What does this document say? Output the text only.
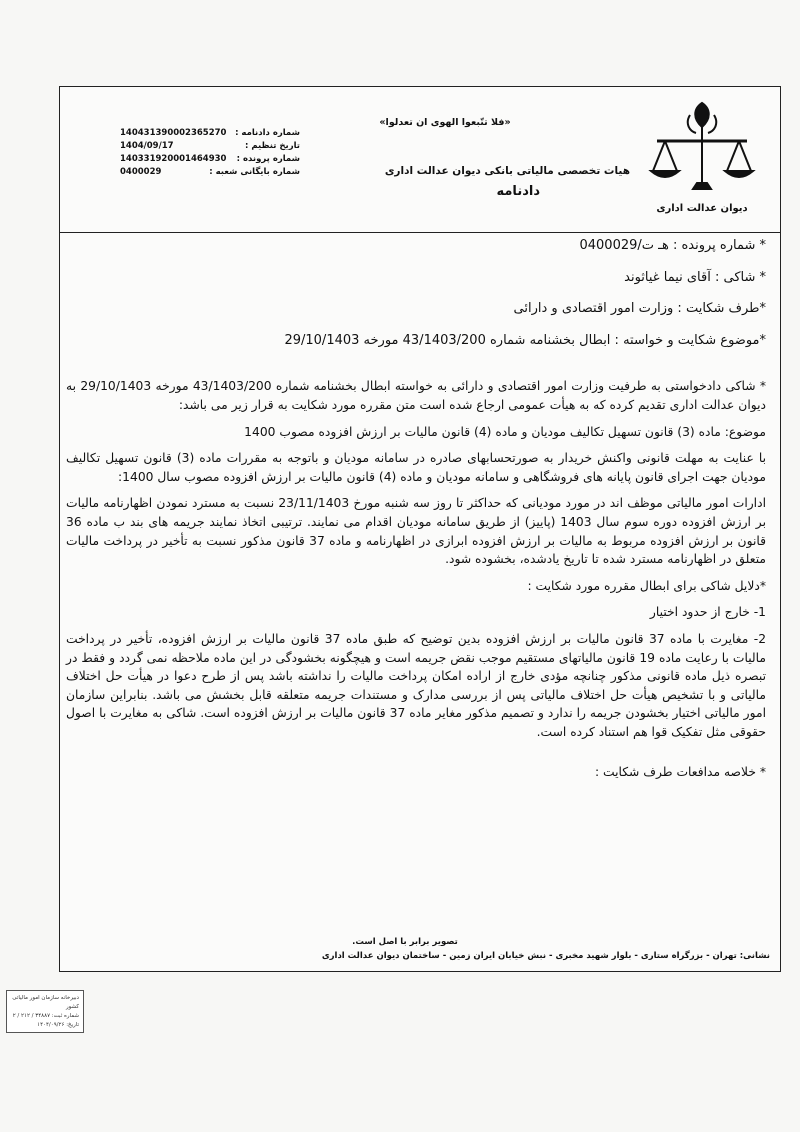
دیوان عدالت اداری
«فلا تتّبعوا الهوی ان تعدلوا»
هیات تخصصی مالیاتی بانکی دیوان عدالت اداری
دادنامه
شماره دادنامه :
140431390002365270
تاریخ تنظیم :
1404/09/17
شماره پرونده :
140331920001464930
شماره بایگانی شعبه :
0400029
* شماره پرونده : هـ ت/0400029
* شاکی : آقای نیما غیاثوند
*طرف شکایت : وزارت امور اقتصادی و دارائی
*موضوع شکایت و خواسته : ابطال بخشنامه شماره 43/1403/200 مورخه 29/10/1403
* شاکی دادخواستی به طرفیت وزارت امور اقتصادی و دارائی به خواسته ابطال بخشنامه شماره 43/1403/200 مورخه 29/10/1403 به دیوان عدالت اداری تقدیم کرده که به هیأت عمومی ارجاع شده است متن مقرره مورد شکایت به قرار زیر می باشد:
موضوع: ماده (3) قانون تسهیل تکالیف مودیان و ماده (4) قانون مالیات بر ارزش افزوده مصوب 1400
با عنایت به مهلت قانونی واکنش خریدار به صورتحسابهای صادره در سامانه مودیان و باتوجه به مقررات ماده (3) قانون تسهیل تکالیف مودیان جهت اجرای قانون پایانه های فروشگاهی و سامانه مودیان و ماده (4) قانون مالیات بر ارزش افزوده مصوب سال 1400:
ادارات امور مالیاتی موظف اند در مورد مودیانی که حداکثر تا روز سه شنبه مورخ 23/11/1403 نسبت به مسترد نمودن اظهارنامه مالیات بر ارزش افزوده دوره سوم سال 1403 (پاییز) از طریق سامانه مودیان اقدام می نمایند. ترتیبی اتخاذ نمایند جریمه های بند ب ماده 36 قانون بر ارزش افزوده مربوط به مالیات بر ارزش افزوده ابرازی در اظهارنامه و ماده 37 قانون مذکور نسبت به تأخیر در پرداخت مالیات متعلق در اظهارنامه مسترد شده تا تاریخ یادشده، بخشوده شود.
*دلایل شاکی برای ابطال مقرره مورد شکایت :
1- خارج از حدود اختیار
2- مغایرت با ماده 37 قانون مالیات بر ارزش افزوده بدین توضیح که طبق ماده 37 قانون مالیات بر ارزش افزوده، تأخیر در پرداخت مالیات با رعایت ماده 19 قانون مالیاتهای مستقیم موجب نقض جریمه است و هیچگونه بخشودگی در این ماده ملاحظه نمی گردد و فقط در تبصره ذیل ماده قانونی مذکور چنانچه مؤدی خارج از اراده امکان پرداخت مالیات را نداشته باشد پس از طرح دعوا در هیأت حل اختلاف مالیاتی و با تشخیص هیأت حل اختلاف مالیاتی پس از بررسی مدارک و مستندات جریمه متعلقه قابل بخشش می باشد. بنابراین سازمان امور مالیاتی اختیار بخشودن جریمه را ندارد و تصمیم مذکور مغایر ماده 37 قانون مالیات بر ارزش افزوده است. شاکی به مغایرت با اصول حقوقی مثل تفکیک قوا هم استناد کرده است.
* خلاصه مدافعات طرف شکایت :
تصویر برابر با اصل است.
نشانی: تهران - بزرگراه ستاری - بلوار شهید مخبری - نبش خیابان ایران زمین - ساختمان دیوان عدالت اداری
دبیرخانه سازمان امور مالیاتی کشور
شماره ثبت: ۳۴۸۸۷ / ۲۱۲ / ۲
تاریخ: ۱۴۰۴/۰۹/۲۶
